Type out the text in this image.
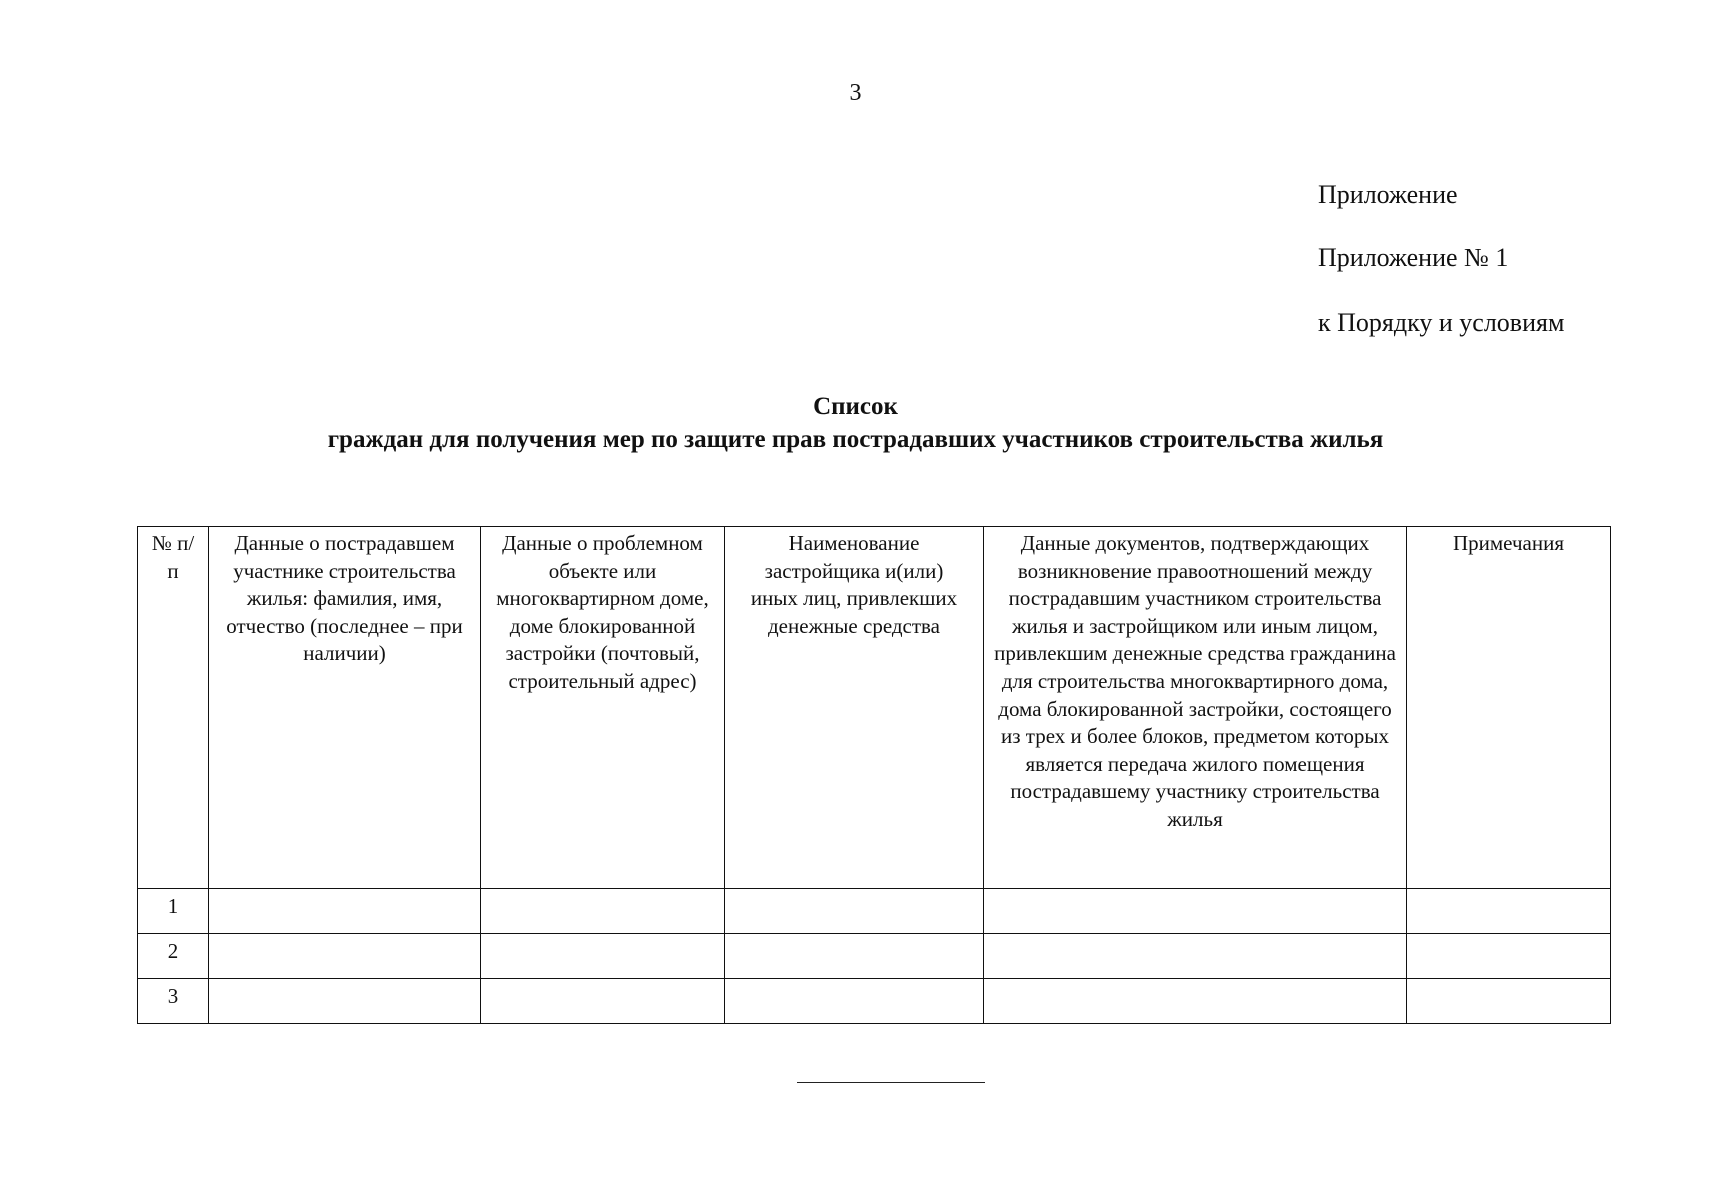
3
Приложение
Приложение № 1
к Порядку и условиям
Список
граждан для получения мер по защите прав пострадавших участников строительства жилья
№ п/п	Данные о пострадавшем участнике строительства жилья: фамилия, имя, отчество (последнее – при наличии)	Данные о проблемном объекте или многоквартирном доме, доме блокированной застройки (почтовый, строительный адрес)	Наименование застройщика и(или) иных лиц, привлекших денежные средства	Данные документов, подтверждающих возникновение правоотношений между пострадавшим участником строительства жилья и застройщиком или иным лицом, привлекшим денежные средства гражданина для строительства многоквартирного дома, дома блокированной застройки, состоящего из трех и более блоков, предметом которых является передача жилого помещения пострадавшему участнику строительства жилья	Примечания
1					
2					
3					
